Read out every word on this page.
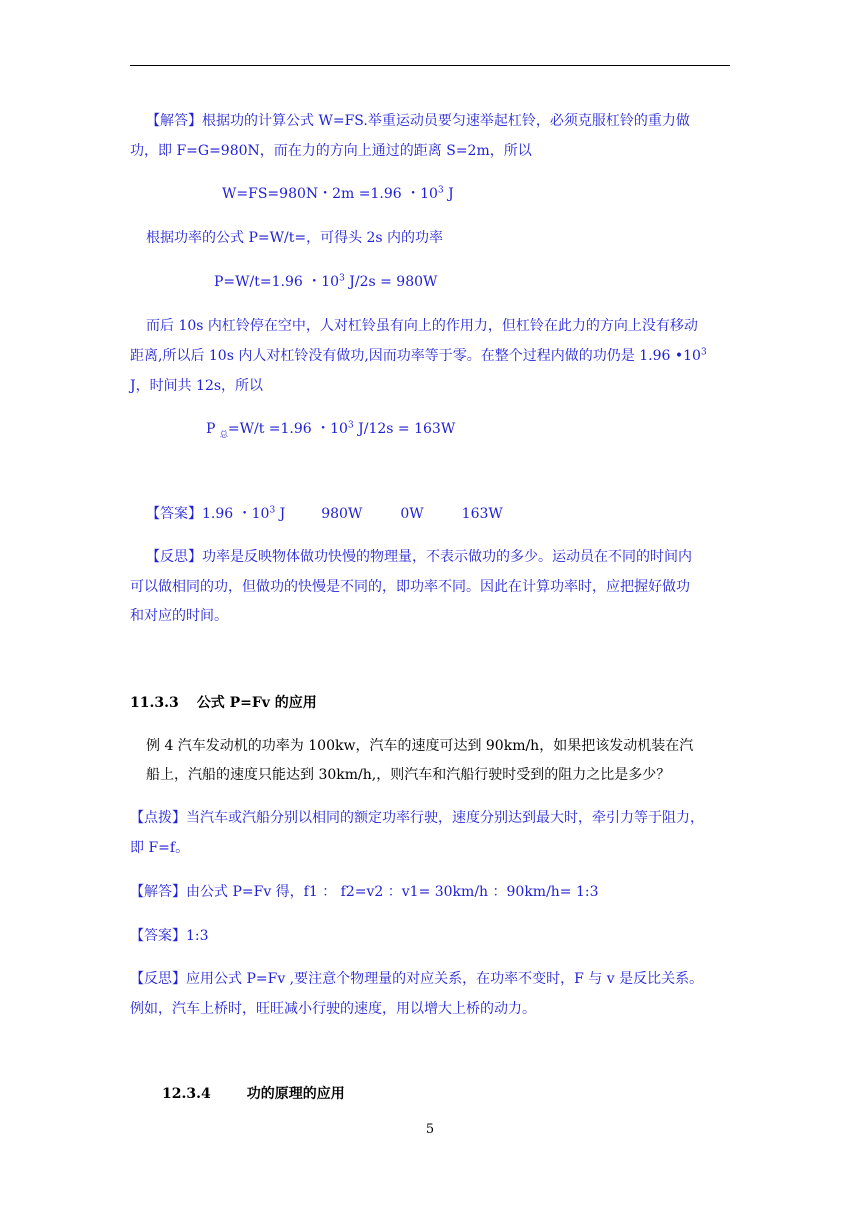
【解答】根据功的计算公式 W=FS.举重运动员要匀速举起杠铃，必须克服杠铃的重力做
功，即 F=G=980N，而在力的方向上通过的距离 S=2m，所以
W=FS=980N・2m =1.96 ・$10^3$ J
根据功率的公式 P=W/t=，可得头 2s 内的功率
P=W/t=1.96 ・$10^3$ J/2s = 980W
而后 10s 内杠铃停在空中，人对杠铃虽有向上的作用力，但杠铃在此力的方向上没有移动
距离,所以后 10s 内人对杠铃没有做功,因而功率等于零。在整个过程内做的功仍是 1.96 $•10^3$
J，时间共 12s，所以
P $_总$=W/t =1.96 ・$10^3$ J/12s = 163W
【答案】1.96 ・$10^3$ J	980W	0W	163W
【反思】功率是反映物体做功快慢的物理量，不表示做功的多少。运动员在不同的时间内
可以做相同的功，但做功的快慢是不同的，即功率不同。因此在计算功率时，应把握好做功
和对应的时间。
11.3.3 公式 P=Fv 的应用
例 4 汽车发动机的功率为 100kw，汽车的速度可达到 90km/h，如果把该发动机装在汽
船上，汽船的速度只能达到 30km/h,，则汽车和汽船行驶时受到的阻力之比是多少？
【点拨】当汽车或汽船分别以相同的额定功率行驶，速度分别达到最大时，牵引力等于阻力，
即 F=f。
【解答】由公式 P=Fv 得，f1 ： f2=v2 ：v1= 30km/h ：90km/h= 1:3
【答案】1:3
【反思】应用公式 P=Fv ,要注意个物理量的对应关系，在功率不变时，F 与 v 是反比关系。
例如，汽车上桥时，旺旺减小行驶的速度，用以增大上桥的动力。
12.3.4	功的原理的应用
5
